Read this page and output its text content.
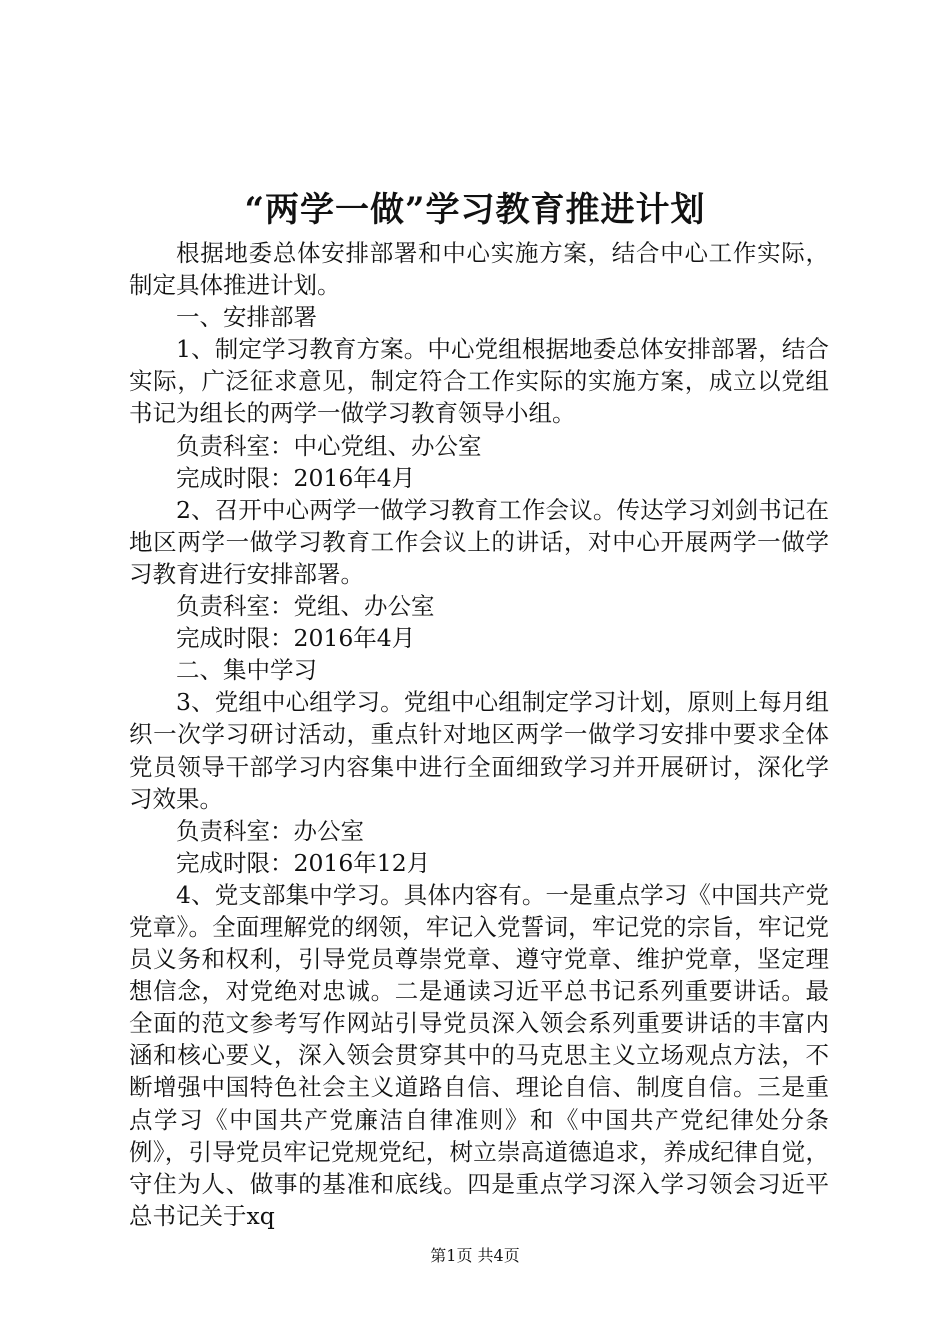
“两学一做”学习教育推进计划

根据地委总体安排部署和中心实施方案，结合中心工作实际，制定具体推进计划。

一、安排部署

1、制定学习教育方案。中心党组根据地委总体安排部署，结合实际，广泛征求意见，制定符合工作实际的实施方案，成立以党组书记为组长的两学一做学习教育领导小组。

负责科室：中心党组、办公室

完成时限：2016年4月

2、召开中心两学一做学习教育工作会议。传达学习刘剑书记在地区两学一做学习教育工作会议上的讲话，对中心开展两学一做学习教育进行安排部署。

负责科室：党组、办公室

完成时限：2016年4月

二、集中学习

3、党组中心组学习。党组中心组制定学习计划，原则上每月组织一次学习研讨活动，重点针对地区两学一做学习安排中要求全体党员领导干部学习内容集中进行全面细致学习并开展研讨，深化学习效果。

负责科室：办公室

完成时限：2016年12月

4、党支部集中学习。具体内容有。一是重点学习《中国共产党党章》。全面理解党的纲领，牢记入党誓词，牢记党的宗旨，牢记党员义务和权利，引导党员尊崇党章、遵守党章、维护党章，坚定理想信念，对党绝对忠诚。二是通读习近平总书记系列重要讲话。最全面的范文参考写作网站引导党员深入领会系列重要讲话的丰富内涵和核心要义，深入领会贯穿其中的马克思主义立场观点方法，不断增强中国特色社会主义道路自信、理论自信、制度自信。三是重点学习《中国共产党廉洁自律准则》和《中国共产党纪律处分条例》，引导党员牢记党规党纪，树立崇高道德追求，养成纪律自觉，守住为人、做事的基准和底线。四是重点学习深入学习领会习近平总书记关于xq

第1页 共4页
